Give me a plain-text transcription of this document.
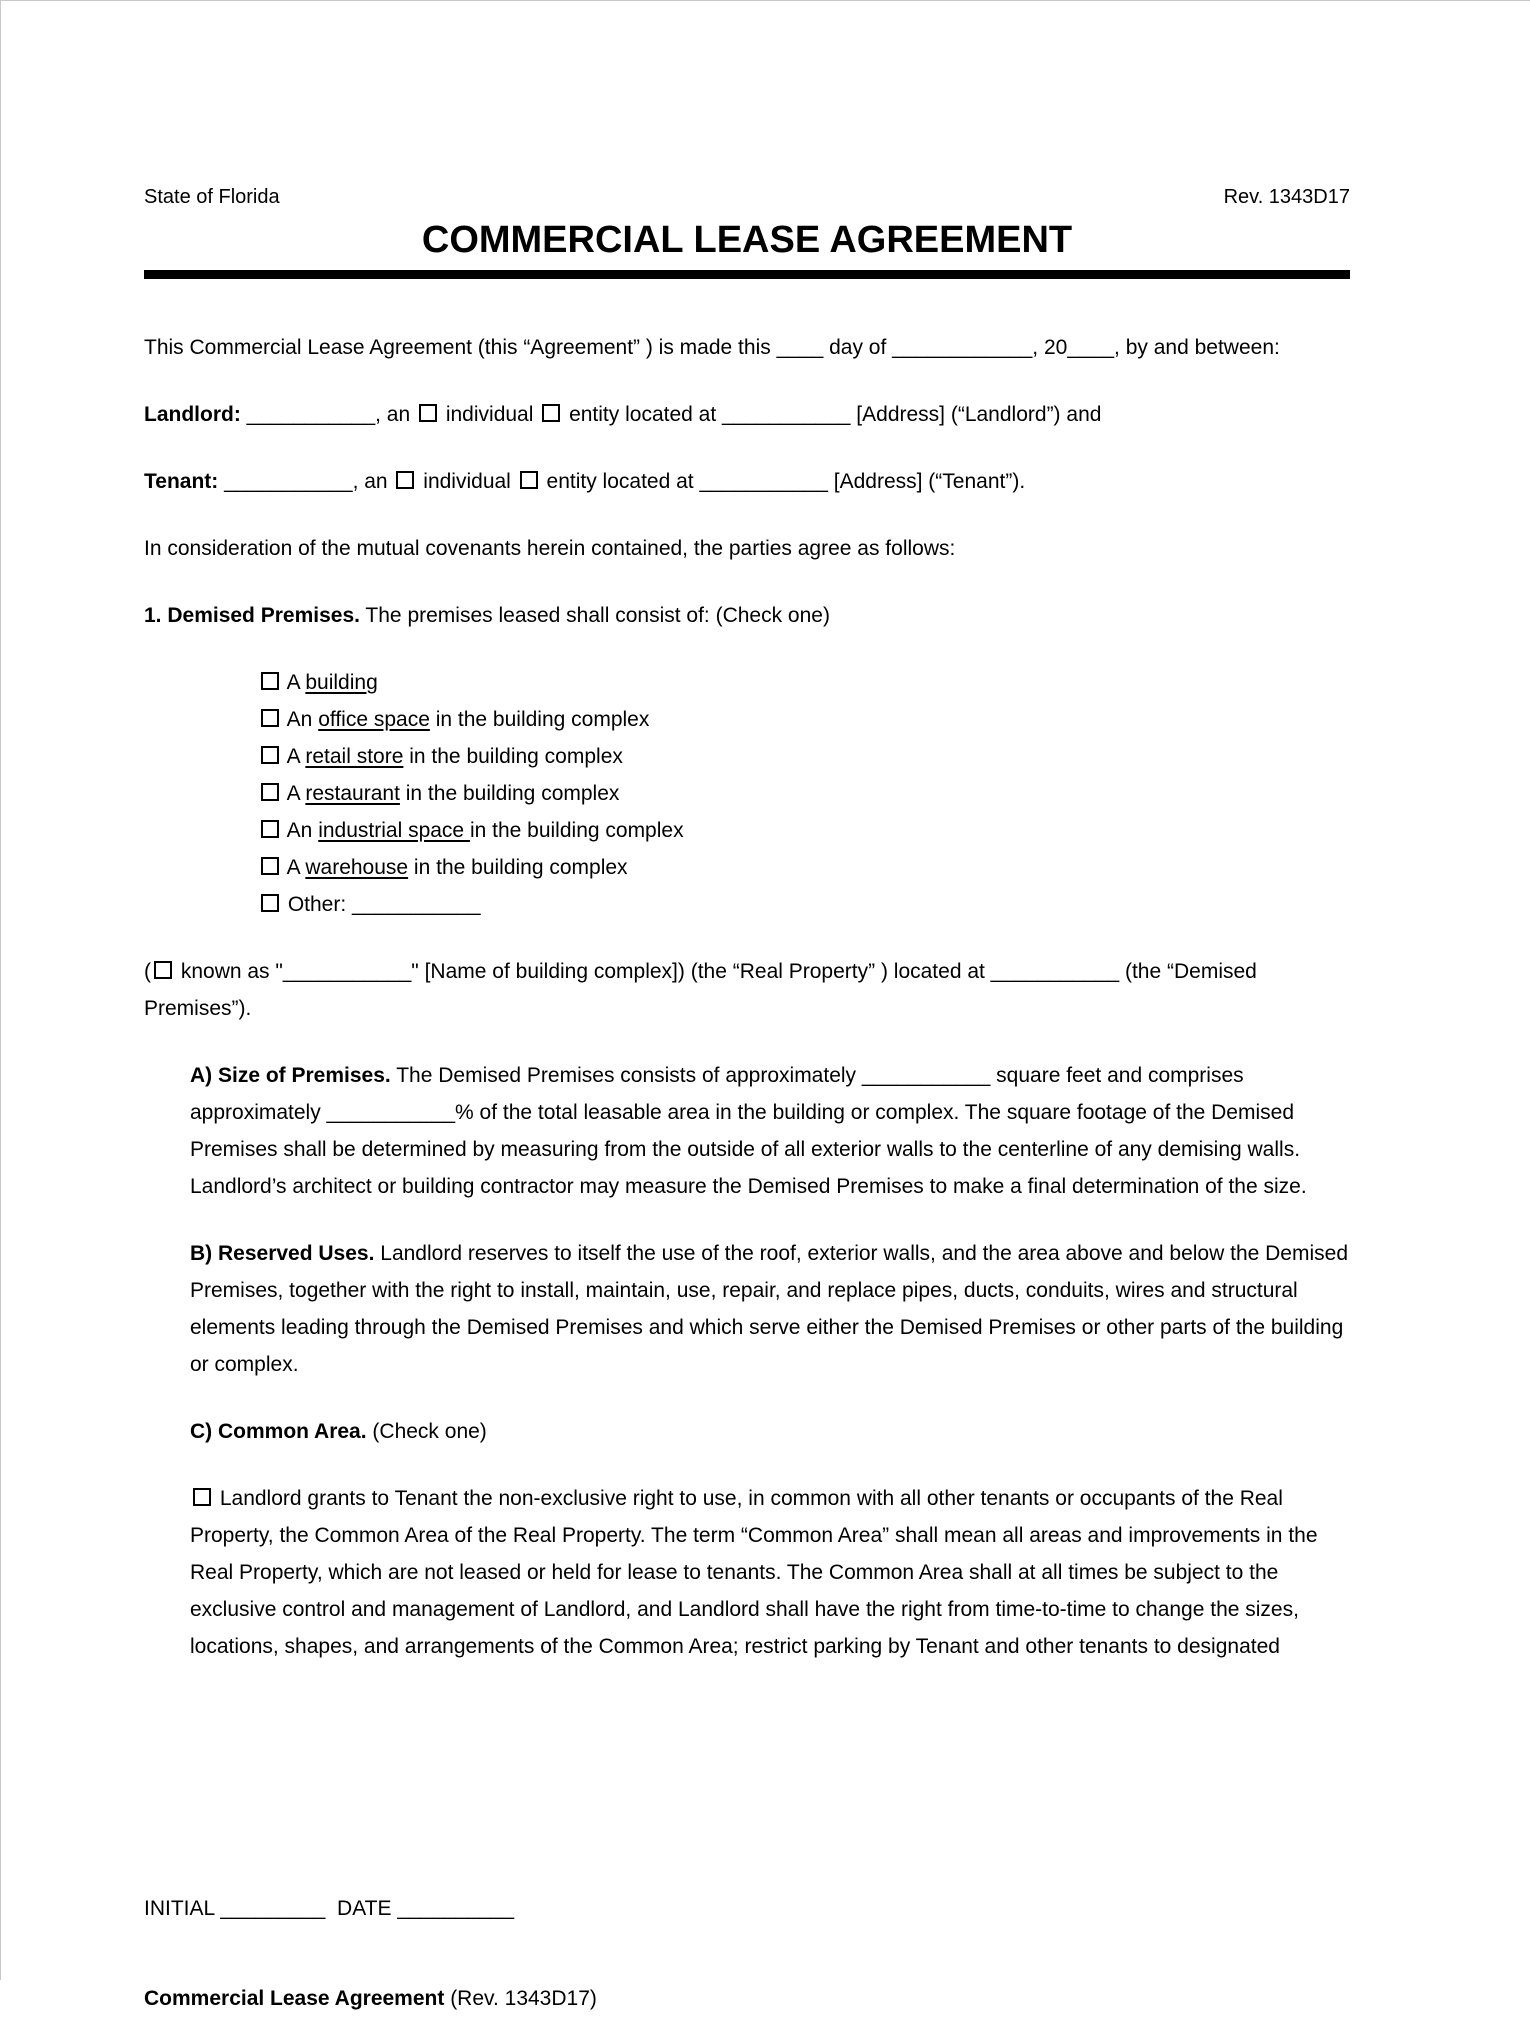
State of Florida	Rev. 1343D17
COMMERCIAL LEASE AGREEMENT
This Commercial Lease Agreement (this “Agreement” ) is made this ____ day of ____________, 20____, by and between:
Landlord: ___________, an  individual  entity located at ___________ [Address] (“Landlord”) and
Tenant: ___________, an  individual  entity located at ___________ [Address] (“Tenant”).
In consideration of the mutual covenants herein contained, the parties agree as follows:
1. Demised Premises. The premises leased shall consist of: (Check one)
A building
An office space in the building complex
A retail store in the building complex
A restaurant in the building complex
An industrial space in the building complex
A warehouse in the building complex
Other: ___________
( known as "___________" [Name of building complex]) (the “Real Property” ) located at ___________ (the “Demised Premises”).
A) Size of Premises. The Demised Premises consists of approximately ___________ square feet and comprises approximately ___________% of the total leasable area in the building or complex. The square footage of the Demised Premises shall be determined by measuring from the outside of all exterior walls to the centerline of any demising walls. Landlord’s architect or building contractor may measure the Demised Premises to make a final determination of the size.
B) Reserved Uses. Landlord reserves to itself the use of the roof, exterior walls, and the area above and below the Demised Premises, together with the right to install, maintain, use, repair, and replace pipes, ducts, conduits, wires and structural elements leading through the Demised Premises and which serve either the Demised Premises or other parts of the building or complex.
C) Common Area. (Check one)
Landlord grants to Tenant the non-exclusive right to use, in common with all other tenants or occupants of the Real Property, the Common Area of the Real Property. The term “Common Area” shall mean all areas and improvements in the Real Property, which are not leased or held for lease to tenants. The Common Area shall at all times be subject to the exclusive control and management of Landlord, and Landlord shall have the right from time-to-time to change the sizes, locations, shapes, and arrangements of the Common Area; restrict parking by Tenant and other tenants to designated

INITIAL _________  DATE __________

Commercial Lease Agreement (Rev. 1343D17)
